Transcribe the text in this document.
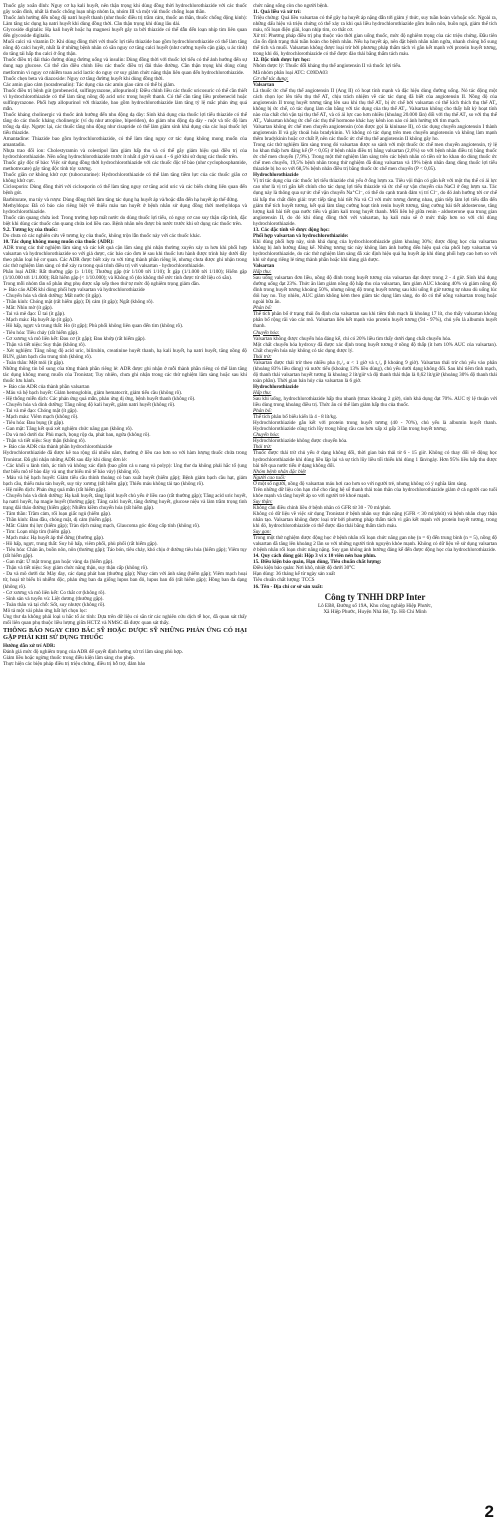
Thuốc gây xoắn đỉnh: Nguy cơ hạ kali huyết, nên thận trọng khi dùng đồng thời hydrochlorothiazide với các thuốc gây xoắn đỉnh, nhất là thuốc chống loạn nhịp nhóm Ia, nhóm III và một vài thuốc chống loạn thần.

Thuốc ảnh hưởng đến nồng độ natri huyết thanh (như thuốc điều trị trầm cảm, thuốc an thần, thuốc chống động kinh): Làm tăng tác dụng hạ natri huyết khi dùng đồng thời. Cần thận trọng khi dùng lâu dài.

Glycoside digitalis: Hạ kali huyết hoặc hạ magnesi huyết gây ra bởi thiazide có thể dẫn đến loạn nhịp tim liên quan đến glycoside digitalis.

Muối calci và vitamin D: Khi dùng đồng thời với thuốc lợi tiểu thiazide bao gồm hydrochlorothiazide có thể làm tăng nồng độ calci huyết, nhất là ở những bệnh nhân có sẵn nguy cơ tăng calci huyết (như cường tuyến cận giáp, u ác tính) do tăng tái hấp thu calci ở ống thận.

Thuốc điều trị đái tháo đường dùng đường uống và insulin: Dùng đồng thời với thuốc lợi tiểu có thể ảnh hưởng đến sự dung nạp glucose. Có thể cần điều chỉnh liều các thuốc điều trị đái tháo đường. Cần thận trọng khi dùng cùng metformin vì nguy cơ nhiễm toan acid lactic do nguy cơ suy giảm chức năng thận liên quan đến hydrochlorothiazide.

Thuốc chẹn beta và diazoxide: Nguy cơ tăng đường huyết khi dùng đồng thời.

Các amin giao cảm (noradrenalin): Tác dụng của các amin giao cảm có thể bị giảm.

Thuốc điều trị bệnh gút (probenecid, sulfinpyrazone, allopurinol): Điều chỉnh liều các thuốc uricosuric có thể cần thiết vì hydrochlorothiazide có thể làm tăng nồng độ acid uric trong huyết thanh. Có thể cần tăng liều probenecid hoặc sulfinpyrazone. Phối hợp allopurinol với thiazide, bao gồm hydrochlorothiazide làm tăng tỷ lệ mắc phản ứng quá mẫn.

Thuốc kháng cholinergic và thuốc ảnh hưởng đến nhu động dạ dày: Sinh khả dụng của thuốc lợi tiểu thiazide có thể tăng do các thuốc kháng cholinergic (ví dụ như atropine, biperiden), do giảm nhu động dạ dày - ruột và tốc độ làm trống dạ dày. Ngược lại, các thuốc tăng nhu động như cisapride có thể làm giảm sinh khả dụng của các loại thuốc lợi tiểu thiazide.

Amantadine: Thiazide bao gồm hydrochlorothiazide, có thể làm tăng nguy cơ tác dụng không mong muốn của amantadin.

Nhựa trao đổi ion: Cholestyramin và colestipol làm giảm hấp thu và có thể gây giảm hiệu quả điều trị của hydrochlorothiazide. Nên uống hydrochlorothiazide trước ít nhất 4 giờ và sau 4 - 6 giờ khi sử dụng các thuốc trên.

Thuốc gây độc tế bào: Việc sử dụng đồng thời hydrochlorothiazide với các thuốc độc tế bào (như cyclophosphamide, methotrexate) gây tăng độc tính tủy xương.

Thuốc giãn cơ không khử cực (tubocurarine): Hydrochlorothiazide có thể làm tăng tiềm lực của các thuốc giãn cơ không khử cực.

Ciclosporin: Dùng đồng thời với ciclosporin có thể làm tăng nguy cơ tăng acid uric và các biến chứng liên quan đến bệnh gút.

Barbiturate, ma túy và rượu: Dùng đồng thời làm tăng tác dụng hạ huyết áp và/hoặc dẫn đến hạ huyết áp thế đứng.

Methyldopa: Đã có báo cáo riêng biệt về thiếu máu tan huyết ở bệnh nhân sử dụng đồng thời methyldopa và hydrochlorothiazide.

Thuốc cản quang chứa iod: Trong trường hợp mất nước do dùng thuốc lợi tiểu, có nguy cơ cao suy thận cấp tính, đặc biệt khi dùng các thuốc cản quang chứa iod liều cao. Bệnh nhân nên được bù nước trước khi sử dụng các thuốc trên.

9.2. Tương kỵ của thuốc:

Do chưa có các nghiên cứu về tương kỵ của thuốc, không trộn lẫn thuốc này với các thuốc khác.

10. Tác dụng không mong muốn của thuốc (ADR):

ADR trong các thử nghiệm lâm sàng và các kết quả cận lâm sàng ghi nhận thường xuyên xảy ra hơn khi phối hợp valsartan và hydrochlorothiazide so với giả dược, các báo cáo đơn lẻ sau khi thuốc lưu hành được trình bày dưới đây theo phân loại hệ cơ quan. Các ADR được biết xảy ra với từng thành phần riêng lẻ, nhưng chưa được ghi nhận trong các thử nghiệm lâm sàng có thể xảy ra trong quá trình điều trị với valsartan - hydrochlorothiazide.

Phân loại ADR: Rất thường gặp (≥ 1/10); Thường gặp (từ 1/100 tới 1/10); Ít gặp (1/1.000 tới 1/100); Hiếm gặp (1/10.000 tới 1/1.000); Rất hiếm gặp (< 1/10.000); và Không rõ (do không thể ước tính được từ dữ liệu có sẵn).

Trong mỗi nhóm tần số phân ứng phụ được sắp xếp theo thứ tự mức độ nghiêm trọng giảm dần.

➢ Báo cáo ADR khi dùng phối hợp valsartan và hydrochlorothiazide

- Chuyển hóa và dinh dưỡng: Mất nước (ít gặp).

- Thần kinh: Chóng mặt (rất hiếm gặp); Dị cảm (ít gặp); Ngất (không rõ).

- Mắt: Nhìn mờ (ít gặp).

- Tai và mê đạo: Ù tai (ít gặp).

- Mạch máu: Hạ huyết áp (ít gặp).

- Hô hấp, ngực và trung thất: Ho (ít gặp); Phù phổi không liên quan đến tim (không rõ).

- Tiêu hóa: Tiêu chảy (rất hiếm gặp).

- Cơ xương và mô liên kết: Đau cơ (ít gặp); Đau khớp (rất hiếm gặp).

- Thận và tiết niệu: Suy thận (không rõ).

- Xét nghiệm: Tăng nồng độ acid uric, bilirubin, creatinine huyết thanh, hạ kali huyết, hạ natri huyết, tăng nồng độ BUN, giảm bạch cầu trung tính (không rõ).

- Toàn thân: Mệt mỏi (ít gặp).

Những thông tin bổ sung của từng thành phần riêng lẻ: ADR được ghi nhận ở mỗi thành phần riêng có thể làm tăng tác dụng không mong muốn của Tronistat; Tuy nhiên, chưa ghi nhận trong các thử nghiệm lâm sàng hoặc sau khi thuốc lưu hành.

➢ Báo cáo ADR của thành phần valsartan

- Máu và hệ bạch huyết: Giảm hemoglobin, giảm hematocrit, giảm tiểu cầu (không rõ).

- Hệ thống miễn dịch: Các phản ứng quá mẫn, phản ứng dị ứng, bệnh huyết thanh (không rõ).

- Chuyển hóa và dinh dưỡng: Tăng nồng độ kali huyết, giảm natri huyết (không rõ).

- Tai và mê đạo: Chóng mặt (ít gặp).

- Mạch máu: Viêm mạch (không rõ).

- Tiêu hóa: Đau bụng (ít gặp).

- Gan mật: Tăng kết quả xét nghiệm chức năng gan (không rõ).

- Da và mô dưới da: Phù mạch, bọng rộp da, phát ban, ngứa (không rõ).

- Thận và tiết niệu: Suy thận (không rõ).

➢ Báo cáo ADR của thành phần hydrochlorothiazide

Hydrochlorothiazide đã được kê toa rộng rãi nhiều năm, thường ở liều cao hơn so với hàm lượng thuốc chứa trong Tronistat. Đã ghi nhận những ADR sau đây khi dùng đơn lẻ:

- Các khối u lành tính, ác tính và không xác định (bao gồm cả u nang và polyp): Ung thư da không phải hắc tố (ung thư biểu mô tế bào đáy và ung thư biểu mô tế bào vảy) (không rõ).

- Máu và hệ bạch huyết: Giảm tiểu cầu thỉnh thoảng có ban xuất huyết (hiếm gặp); Bệnh giảm bạch cầu hạt, giảm bạch cầu, thiếu máu tán huyết, suy tủy xương (rất hiếm gặp); Thiếu máu không tái tạo (không rõ).

- Hệ miễn dịch: Phản ứng quá mẫn (rất hiếm gặp).

- Chuyển hóa và dinh dưỡng: Hạ kali huyết, tăng lipid huyết chủ yếu ở liều cao (rất thường gặp); Tăng acid uric huyết, hạ natri huyết, hạ magie huyết (thường gặp); Tăng calci huyết, tăng đường huyết, glucose niệu và làm trầm trọng tình trạng đái tháo đường (hiếm gặp); Nhiễm kiềm chuyển hóa (rất hiếm gặp).

- Tâm thần: Trầm cảm, rối loạn giấc ngủ (hiếm gặp).

- Thần kinh: Đau đầu, chóng mặt, dị cảm (hiếm gặp).

- Mắt: Giảm thị lực (hiếm gặp); Tràn dịch màng mạch, Glaucoma góc đóng cấp tính (không rõ).

- Tim: Loạn nhịp tim (hiếm gặp).

- Mạch máu: Hạ huyết áp thế đứng (thường gặp).

- Hô hấp, ngực, trung thất: Suy hô hấp, viêm phổi, phù phổi (rất hiếm gặp).

- Tiêu hóa: Chán ăn, buồn nôn, nôn (thường gặp); Táo bón, tiêu chảy, khó chịu ở đường tiêu hóa (hiếm gặp); Viêm tụy (rất hiếm gặp).

- Gan mật: Ứ mật trong gan hoặc vàng da (hiếm gặp).

- Thận và tiết niệu: Suy giảm chức năng thận, suy thận cấp (không rõ).

- Da và mô dưới da: Mày đay, các dạng phát ban (thường gặp); Nhạy cảm với ánh sáng (hiếm gặp); Viêm mạch hoại tử, hoại tử biểu bì nhiễm độc, phản ứng ban da giống lupus ban đỏ, lupus ban đỏ (rất hiếm gặp); Hồng ban đa dạng (không rõ).

- Cơ xương và mô liên kết: Co thắt cơ (không rõ).

- Sinh sản và tuyến vú: Liệt dương (thường gặp).

- Toàn thân và tại chỗ: Sốt, suy nhược (không rõ).

Mô tả một vài phản ứng bất lợi chọn lọc:

Ung thư da không phải loại u hắc tố ác tính: Dựa trên dữ liệu có sẵn từ các nghiên cứu dịch tễ học, đã quan sát thấy mối liên quan phụ thuộc liều lượng giữa HCTZ và NMSC đã được quan sát thấy.

THÔNG BÁO NGAY CHO BÁC SỸ HOẶC DƯỢC SỸ NHỮNG PHẢN ỨNG CÓ HẠI GẶP PHẢI KHI SỬ DỤNG THUỐC

Hướng dẫn xử trí ADR:

Đánh giá mức độ nghiêm trọng của ADR để quyết định hướng xử trí lâm sàng phù hợp.

Giảm liều hoặc ngừng thuốc trong điều kiện lâm sàng cho phép.

Thực hiện các biện pháp điều trị triệu chứng, điều trị hỗ trợ, đảm bảo

chức năng sống còn cho người bệnh.

11. Quá liều và xử trí:

Triệu chứng: Quá liều valsartan có thể gây hạ huyết áp nặng dẫn tới giảm ý thức, suy tuần hoàn và/hoặc sốc. Ngoài ra, những dấu hiệu và triệu chứng có thể xảy ra khi quá liều hydrochlorothiazide gồm buồn nôn, buồn ngủ, giảm thể tích máu, rối loạn điện giải, loạn nhịp tim, co thắt cơ.

Xử trí: Phương pháp điều trị phụ thuộc vào thời gian uống thuốc, mức độ nghiêm trọng của các triệu chứng. Đầu tiên cần ổn định trạng thái tuần hoàn cho bệnh nhân. Nếu hạ huyết áp, nên đặt bệnh nhân nằm ngửa, nhanh chóng bổ sung thể tích và muối. Valsartan không được loại trừ bởi phương pháp thẩm tách vì gắn kết mạnh với protein huyết tương, trong khi đó, hydrochlorothiazide có thể được đào thải bằng thẩm tách máu.

12. Đặc tính dược lực học:

Nhóm dược lý: Thuốc đối kháng thụ thể angiotensin II và thuốc lợi tiểu.

Mã nhóm phân loại ATC: C09DA03

Cơ chế tác dụng:

Valsartan

Là thuốc ức chế thụ thể angiotensin II (Ang II) có hoạt tính mạnh và đặc hiệu dùng đường uống. Nó tác động một cách chọn lọc lên tiểu thụ thể AT₁ chịu trách nhiệm về các tác dụng đã biết của angiotensin II. Nồng độ của angiotensin II trong huyết tương tăng lên sau khi thụ thể AT₁ bị ức chế bởi valsartan có thể kích thích thụ thể AT₂ không bị ức chế, có tác dụng làm cân bằng với tác dụng của thụ thể AT₁. Valsartan không cho thấy bất kỳ hoạt tính nào của chất chủ vận tại thụ thể AT₁ và có ái lực cao hơn nhiều (khoảng 20.000 lần) đối với thụ thể AT₁ so với thụ thể AT₂. Valsartan không ức chế các thụ thể hormone khác hay kênh ion nào có ảnh hưởng tới tim mạch.

Valsartan không ức chế men chuyển angiotensin (còn được gọi là kininase II), có tác dụng chuyển angiotensin I thành angiotensin II và gây thoái hóa bradykinin. Vì không có tác dụng trên men chuyển angiotensin và không làm mạnh thêm bradykinin hoặc cơ chất P, nên các thuốc ức chế thụ thể angiotensin II không gây ho.

Trong các thử nghiệm lâm sàng trong đó valsartan được so sánh với một thuốc ức chế men chuyển angiotensin, tỷ lệ ho khan thấp hơn đáng kể (P < 0,05) ở bệnh nhân điều trị bằng valsartan (2,6%) so với bệnh nhân điều trị bằng thuốc ức chế men chuyển (7,9%). Trong một thử nghiệm lâm sàng trên các bệnh nhân có tiền sử ho khan do dùng thuốc ức chế men chuyển, 19,5% bệnh nhân trong thử nghiệm đã dùng valsartan và 19% bệnh nhân đang dùng thuốc lợi tiểu thiazide bị ho so với 68,5% bệnh nhân điều trị bằng thuốc ức chế men chuyển (P < 0,05).

Hydrochlorothiazide

Vị trí tác dụng của các thuốc lợi tiểu thiazide chủ yếu ở ống lượn xa. Tiêu vội thận có gắn kết với một thụ thể có ái lực cao như là vị trí gắn kết chính cho tác dụng lợi tiểu thiazide và ức chế sự vận chuyển của NaCl ở ống lượn xa. Tác dụng này là thông qua sự ức chế vận chuyển Na⁺Cl⁻, có thể do cạnh tranh đảm vị trí Cl⁻, do đó ảnh hưởng tới cơ chế tái hấp thu chất điện giải: trực tiếp tăng bài tiết Na và Cl với mức tương đương nhau, gián tiếp làm lợi tiểu dẫn đến giảm thể tích huyết tương, kết quả làm tăng cường hoạt tính renin huyết tương, tăng cường bài tiết aldosterone, tăng lượng kali bài tiết qua nước tiểu và giảm kali trong huyết thanh. Mối liên hệ giữa renin - aldosterone qua trung gian angiotensin II, do đó khi dùng đồng thời với valsartan, hạ kali máu sẽ ở mức thấp hơn so với chỉ dùng hydrochlorothiazide.

13. Các đặc tính về dược động học:

Phối hợp valsartan và hydrochlorothiazide:

Khi dùng phối hợp này, sinh khả dụng của hydrochlorothiazide giảm khoảng 30%; được động học của valsartan không bị ảnh hưởng đáng kể. Những tương tác này không làm ảnh hưởng đến hiệu quả của phối hợp valsartan và hydrochlorothiazide, do các thử nghiệm lâm sàng đã xác định hiệu quả hạ huyết áp khi dùng phối hợp cao hơn so với khi sử dụng riêng lẻ từng thành phần hoặc khi dùng giả dược.

Valsartan

Hấp thu:

Sau uống valsartan đơn liều, nồng độ đỉnh trong huyết tương của valsartan đạt được trong 2 - 4 giờ. Sinh khả dụng đường uống đạt 23%. Thức ăn làm giảm nồng độ hấp thu của valsartan, làm giảm AUC khoảng 40% và giảm nồng độ đỉnh trong huyết tương khoảng 50%, nhưng nồng độ trong huyết tương sau khi uống 8 giờ tương tự nhau dù uống lúc đói hay no. Tuy nhiên, AUC giảm không kèm theo giảm tác dụng lâm sàng, do đó có thể uống valsartan trong hoặc ngoài bữa ăn.

Phân bố:

Thể tích phân bố ở trạng thái ổn định của valsartan sau khi tiêm tĩnh mạch là khoảng 17 lít, cho thấy valsartan không phân bố rộng rãi vào các mô. Valsartan liên kết mạnh vào protein huyết tương (94 - 97%), chủ yếu là albumin huyết thanh.

Chuyển hóa:

Valsartan không được chuyển hóa đáng kể, chỉ có 20% liều tìm thấy dưới dạng chất chuyển hóa.

Một chất chuyển hóa hydroxy đã được xác định trong huyết tương ở nồng độ thấp (ít hơn 10% AUC của valsartan). Chất chuyển hóa này không có tác dụng dược lý.

Thải trừ:

Valsartan được thải trừ theo nhiều pha (t₁/₂ α < 1 giờ và t₁/₂ β khoảng 9 giờ). Valsartan thải trừ chủ yếu vào phân (khoảng 83% liều dùng) và nước tiểu (khoảng 13% liều dùng), chủ yếu dưới dạng không đổi. Sau khi tiêm tĩnh mạch, độ thanh thải valsartan huyết tương là khoảng 2 lít/giờ và độ thanh thải thận là 0,62 lít/giờ (khoảng 30% độ thanh thải toàn phần). Thời gian bán hủy của valsartan là 6 giờ.

Hydrochlorothiazide

Hấp thu:

Sau khi uống, hydrochlorothiazide hấp thu nhanh (tmax khoảng 2 giờ), sinh khả dụng đạt 70%. AUC tỷ lệ thuận với liều dùng trong khoảng điều trị. Thức ăn có thể làm giảm hấp thu của thuốc.

Phân bố:

Thể tích phân bố biểu kiến là 4 - 8 lít/kg.

Hydrochlorothiazide gắn kết với protein trong huyết tương (40 - 70%), chủ yếu là albumin huyết thanh. Hydrochlorothiazide cũng tích lũy trong hồng cầu cao hơn xấp xỉ gấp 3 lần trong huyết tương.

Chuyển hóa:

Hydrochlorothiazide không được chuyển hóa.

Thải trừ:

Thuốc được thải trừ chủ yếu ở dạng không đổi, thời gian bán thải từ 6 - 15 giờ. Không có thay đổi về động học hydrochlorothiazide khi dùng liều lặp lại và sự tích lũy liều tối thiểu khi dùng 1 lần/ngày. Hơn 95% liều hấp thu được bài tiết qua nước tiểu ở dạng không đổi.

Nhóm bệnh nhân đặc biệt

Người cao tuổi:

Ở một số người, nồng độ valsartan máu hơi cao hơn so với người trẻ, nhưng không có ý nghĩa lâm sàng.

Trên những dữ liệu còn hạn chế cho rằng hệ số thanh thải toàn thân của hydrochlorothiazide giảm ở cả người cao tuổi khỏe mạnh và tăng huyết áp so với người trẻ khoẻ mạnh.

Suy thận:

Không cần điều chỉnh liều ở bệnh nhân có GFR từ 30 - 70 ml/phút.

Không có dữ liệu về việc sử dụng Tronistat ở bệnh nhân suy thận nặng (GFR < 30 ml/phút) và bệnh nhân chạy thận nhân tạo. Valsartan không được loại trừ bởi phương pháp thẩm tách vì gắn kết mạnh với protein huyết tương, trong khi đó, hydrochlorothiazide có thể được đào thải bằng thẩm tách máu.

Suy gan:

Trong một thử nghiệm được động học ở bệnh nhân rối loạn chức năng gan nhẹ (n = 6) đến trung bình (n = 5), nồng độ valsartan đã tăng lên khoảng 2 lần so với những người tình nguyện khỏe mạnh. Không có dữ liệu về sử dụng valsartan ở bệnh nhân rối loạn chức năng nặng. Suy gan không ảnh hưởng đáng kể đến được động học của hydrochlorothiazide.

14. Quy cách đóng gói: Hộp 3 vỉ x 10 viên nén bao phim.

15. Điều kiện bảo quản, Hạn dùng, Tiêu chuẩn chất lượng:

Điều kiện bảo quản: Nơi khô, nhiệt độ dưới 30°C

Hạn dùng: 36 tháng kể từ ngày sản xuất

Tiêu chuẩn chất lượng: TCCS

16. Tên - Địa chỉ cơ sở sản xuất:

Công ty TNHH DRP Inter

Lô EB8, Đường số 19A, Khu công nghiệp Hiệp Phước,

Xã Hiệp Phước, Huyện Nhà Bè, Tp. Hồ Chí Minh

2
